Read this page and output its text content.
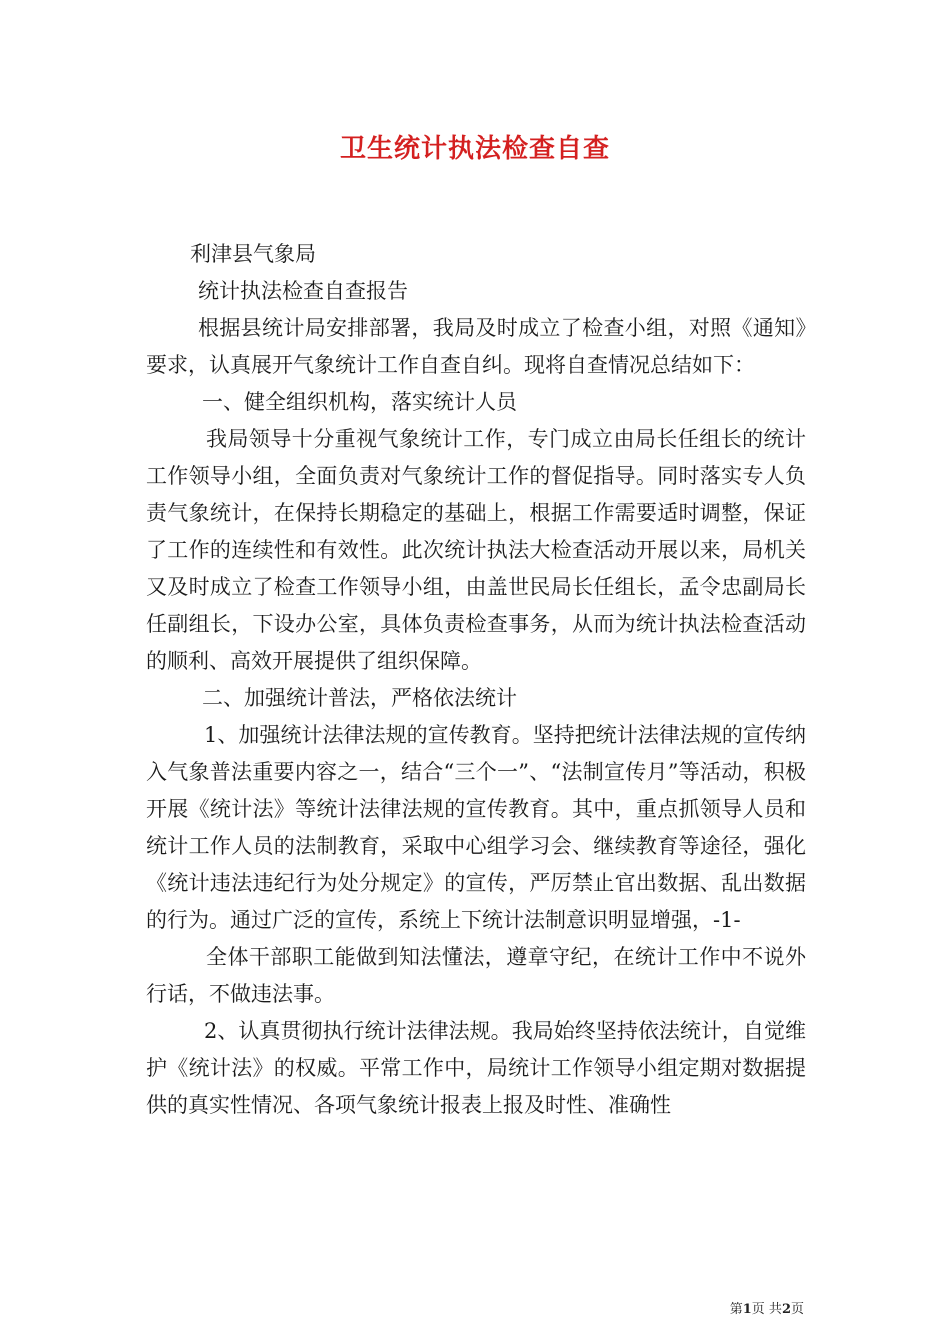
卫生统计执法检查自查

利津县气象局

统计执法检查自查报告

根据县统计局安排部署，我局及时成立了检查小组，对照《通知》要求，认真展开气象统计工作自查自纠。现将自查情况总结如下：

一、健全组织机构，落实统计人员

我局领导十分重视气象统计工作，专门成立由局长任组长的统计工作领导小组，全面负责对气象统计工作的督促指导。同时落实专人负责气象统计，在保持长期稳定的基础上，根据工作需要适时调整，保证了工作的连续性和有效性。此次统计执法大检查活动开展以来，局机关又及时成立了检查工作领导小组，由盖世民局长任组长，孟令忠副局长任副组长，下设办公室，具体负责检查事务，从而为统计执法检查活动的顺利、高效开展提供了组织保障。

二、加强统计普法，严格依法统计

1、加强统计法律法规的宣传教育。坚持把统计法律法规的宣传纳入气象普法重要内容之一，结合“三个一”、“法制宣传月”等活动，积极开展《统计法》等统计法律法规的宣传教育。其中，重点抓领导人员和统计工作人员的法制教育，采取中心组学习会、继续教育等途径，强化《统计违法违纪行为处分规定》的宣传，严厉禁止官出数据、乱出数据的行为。通过广泛的宣传，系统上下统计法制意识明显增强，-1-

全体干部职工能做到知法懂法，遵章守纪，在统计工作中不说外行话，不做违法事。

2、认真贯彻执行统计法律法规。我局始终坚持依法统计，自觉维护《统计法》的权威。平常工作中，局统计工作领导小组定期对数据提供的真实性情况、各项气象统计报表上报及时性、准确性

第1页 共2页
